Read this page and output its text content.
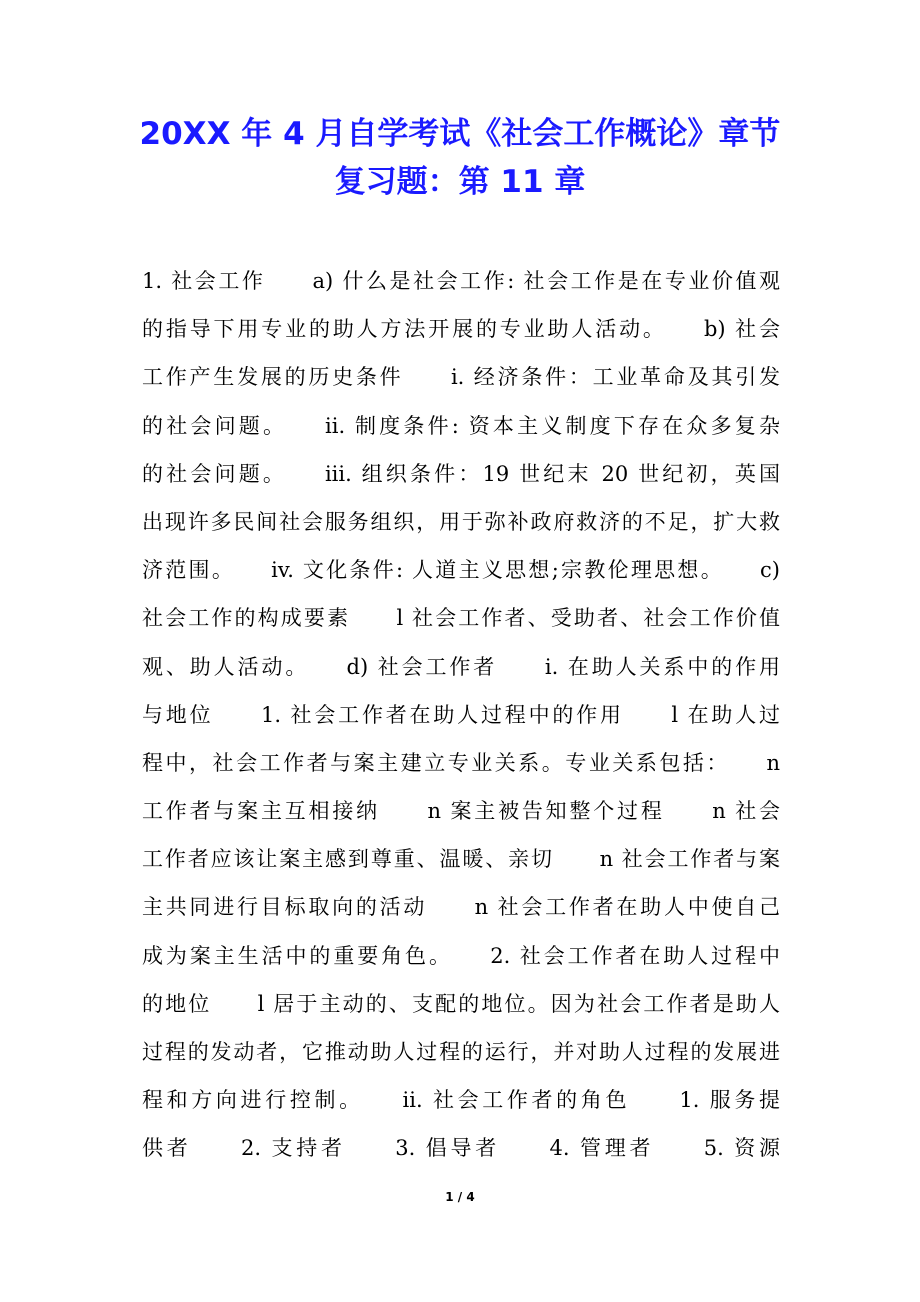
20XX 年 4 月自学考试《社会工作概论》章节
复习题：第 11 章
1. 社会工作　　a) 什么是社会工作: 社会工作是在专业价值观
的指导下用专业的助人方法开展的专业助人活动。　　b) 社会
工作产生发展的历史条件　　i. 经济条件：工业革命及其引发
的社会问题。　　ii. 制度条件: 资本主义制度下存在众多复杂
的社会问题。　　iii. 组织条件：19 世纪末 20 世纪初，英国
出现许多民间社会服务组织，用于弥补政府救济的不足，扩大救
济范围。　　iv. 文化条件: 人道主义思想;宗教伦理思想。　　c)
社会工作的构成要素　　l 社会工作者、受助者、社会工作价值
观、助人活动。　　d) 社会工作者　　i. 在助人关系中的作用
与地位　　1. 社会工作者在助人过程中的作用　　l 在助人过
程中，社会工作者与案主建立专业关系。专业关系包括：　　n
工作者与案主互相接纳　　n 案主被告知整个过程　　n 社会
工作者应该让案主感到尊重、温暖、亲切　　n 社会工作者与案
主共同进行目标取向的活动　　n 社会工作者在助人中使自己
成为案主生活中的重要角色。　　2. 社会工作者在助人过程中
的地位　　l 居于主动的、支配的地位。因为社会工作者是助人
过程的发动者，它推动助人过程的运行，并对助人过程的发展进
程和方向进行控制。　　ii. 社会工作者的角色　　1. 服务提
供者　　2. 支持者　　3. 倡导者　　4. 管理者　　5. 资源
1 / 4
